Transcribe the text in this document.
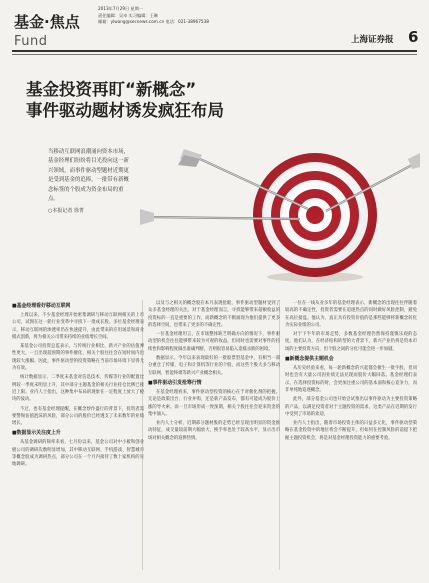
基金·焦点
Fund
2013年7月29日 星期一
责任编辑：吴卓 实习编辑：王琳
邮箱：ylwang@secnews.com.cn 电话：021-38967538
上海证券报 6
基金投资再盯“新概念”
事件驱动题材诱发疯狂布局

当移动互联网浪潮涌向资本市场，基金经理们纷纷将目光投向这一新兴领域，而事件驱动型题材近期更是受到基金的追捧，一批带有新概念标签的个股成为资金布局的重点。

○本报记者 徐菁

■基金经理看好移动互联网

上周以来，不少基金经理开始密集调研与移动互联网相关的上市公司，试图在这一轮行业变革中寻找下一批成长股。多位基金经理表示，移动互联网的渗透率仍在快速提升，由此带来的应用场景和商业模式创新，将为相关公司带来持续的业绩增长空间。

某基金公司投资总监表示，与传统行业相比，新兴产业的估值弹性更大，一旦出现超预期的事件催化，相关个股往往会在短时间内出现较大涨幅。因此，事件驱动型的投资策略在当前市场环境下显得尤为有效。

统计数据显示，二季度末基金对信息技术、传媒等行业的配置比例较一季度末明显上升，其中部分主题基金的相关行业持仓比例已接近上限。业内人士指出，这种集中布局的现象在一定程度上放大了板块的波动。

不过，也有基金经理提醒，在概念炒作盛行的背景下，投资者需要警惕估值泡沫的风险，部分公司的股价已经透支了未来数年的业绩增长。

■数据显示关注度上升

从基金调研的频率来看，七月份以来，基金公司对中小板和创业板公司的调研次数明显增加，其中移动互联网、手机游戏、智慧城市等概念股成为调研热点，部分公司在一个月内接待了数十家机构的实地调研。

以及与之相关的概念股在本月表现抢眼，事件驱动型题材受到了众多基金经理的关注。对于基金经理而言，寻找能够带来超额收益的投资标的一直是重要的工作，而新概念的不断涌现为他们提供了更多的选择空间，也带来了更多的不确定性。

一位基金经理坦言，在市场整体缺乏明确方向的情况下，事件驱动型的机会往往能够带来较为可观的收益，但同时也需要对事件的持续性和影响程度做出准确判断，否则很容易陷入追涨杀跌的困境。

数据显示，今年以来表现最好的一批股票型基金中，有相当一部分重仓了传媒、电子和计算机等行业的个股，而这些个股大多与移动互联网、智能终端等新兴产业概念相关。

■事件驱动引发抢筹行情

在基金经理看来，事件驱动型投资的核心在于对催化剂的把握。无论是政策出台、行业并购，还是新产品发布，都有可能成为股价上涨的导火索。而一旦市场形成一致预期，相关个股往往会迎来资金的集中涌入。

业内人士分析，近期部分题材股的走势已经呈现出明显的资金推动特征，成交量较前期大幅放大，换手率也处于较高水平，显示出市场对相关概念的追捧热情。

一位在一线从业多年的基金经理表示，新概念的出现往往伴随着较高的不确定性，投资者需要在追逐热点的同时做好风险控制，避免在高位接盘。他认为，真正具有投资价值的是那些能够将新概念转化为实际业绩的公司。

对于下半年的市场走势，多数基金经理仍然保持谨慎乐观的态度。他们认为，在经济结构转型的大背景下，新兴产业仍将是资本市场的主要投资方向，但个股之间的分化可能会进一步加剧。

■新概念提供主题机会

从历史经验来看，每一轮新概念的兴起都会催生一批牛股，但同时也会有大量公司因业绩无法兑现而股价大幅回落。基金经理们表示，在选择投资标的时，会更加注重公司的基本面和核心竞争力，而非单纯地追逐概念。

此外，部分基金公司也开始尝试推出以事件驱动为主要投资策略的产品，以满足投资者对于主题投资的需求，这类产品在近期的发行中受到了市场的欢迎。

业内人士指出，随着市场投资主体的日益多元化，事件驱动型策略在基金投资中的地位将会不断提升，但如何在控制风险的前提下把握主题投资机会，将是对基金经理投资能力的重要考验。
